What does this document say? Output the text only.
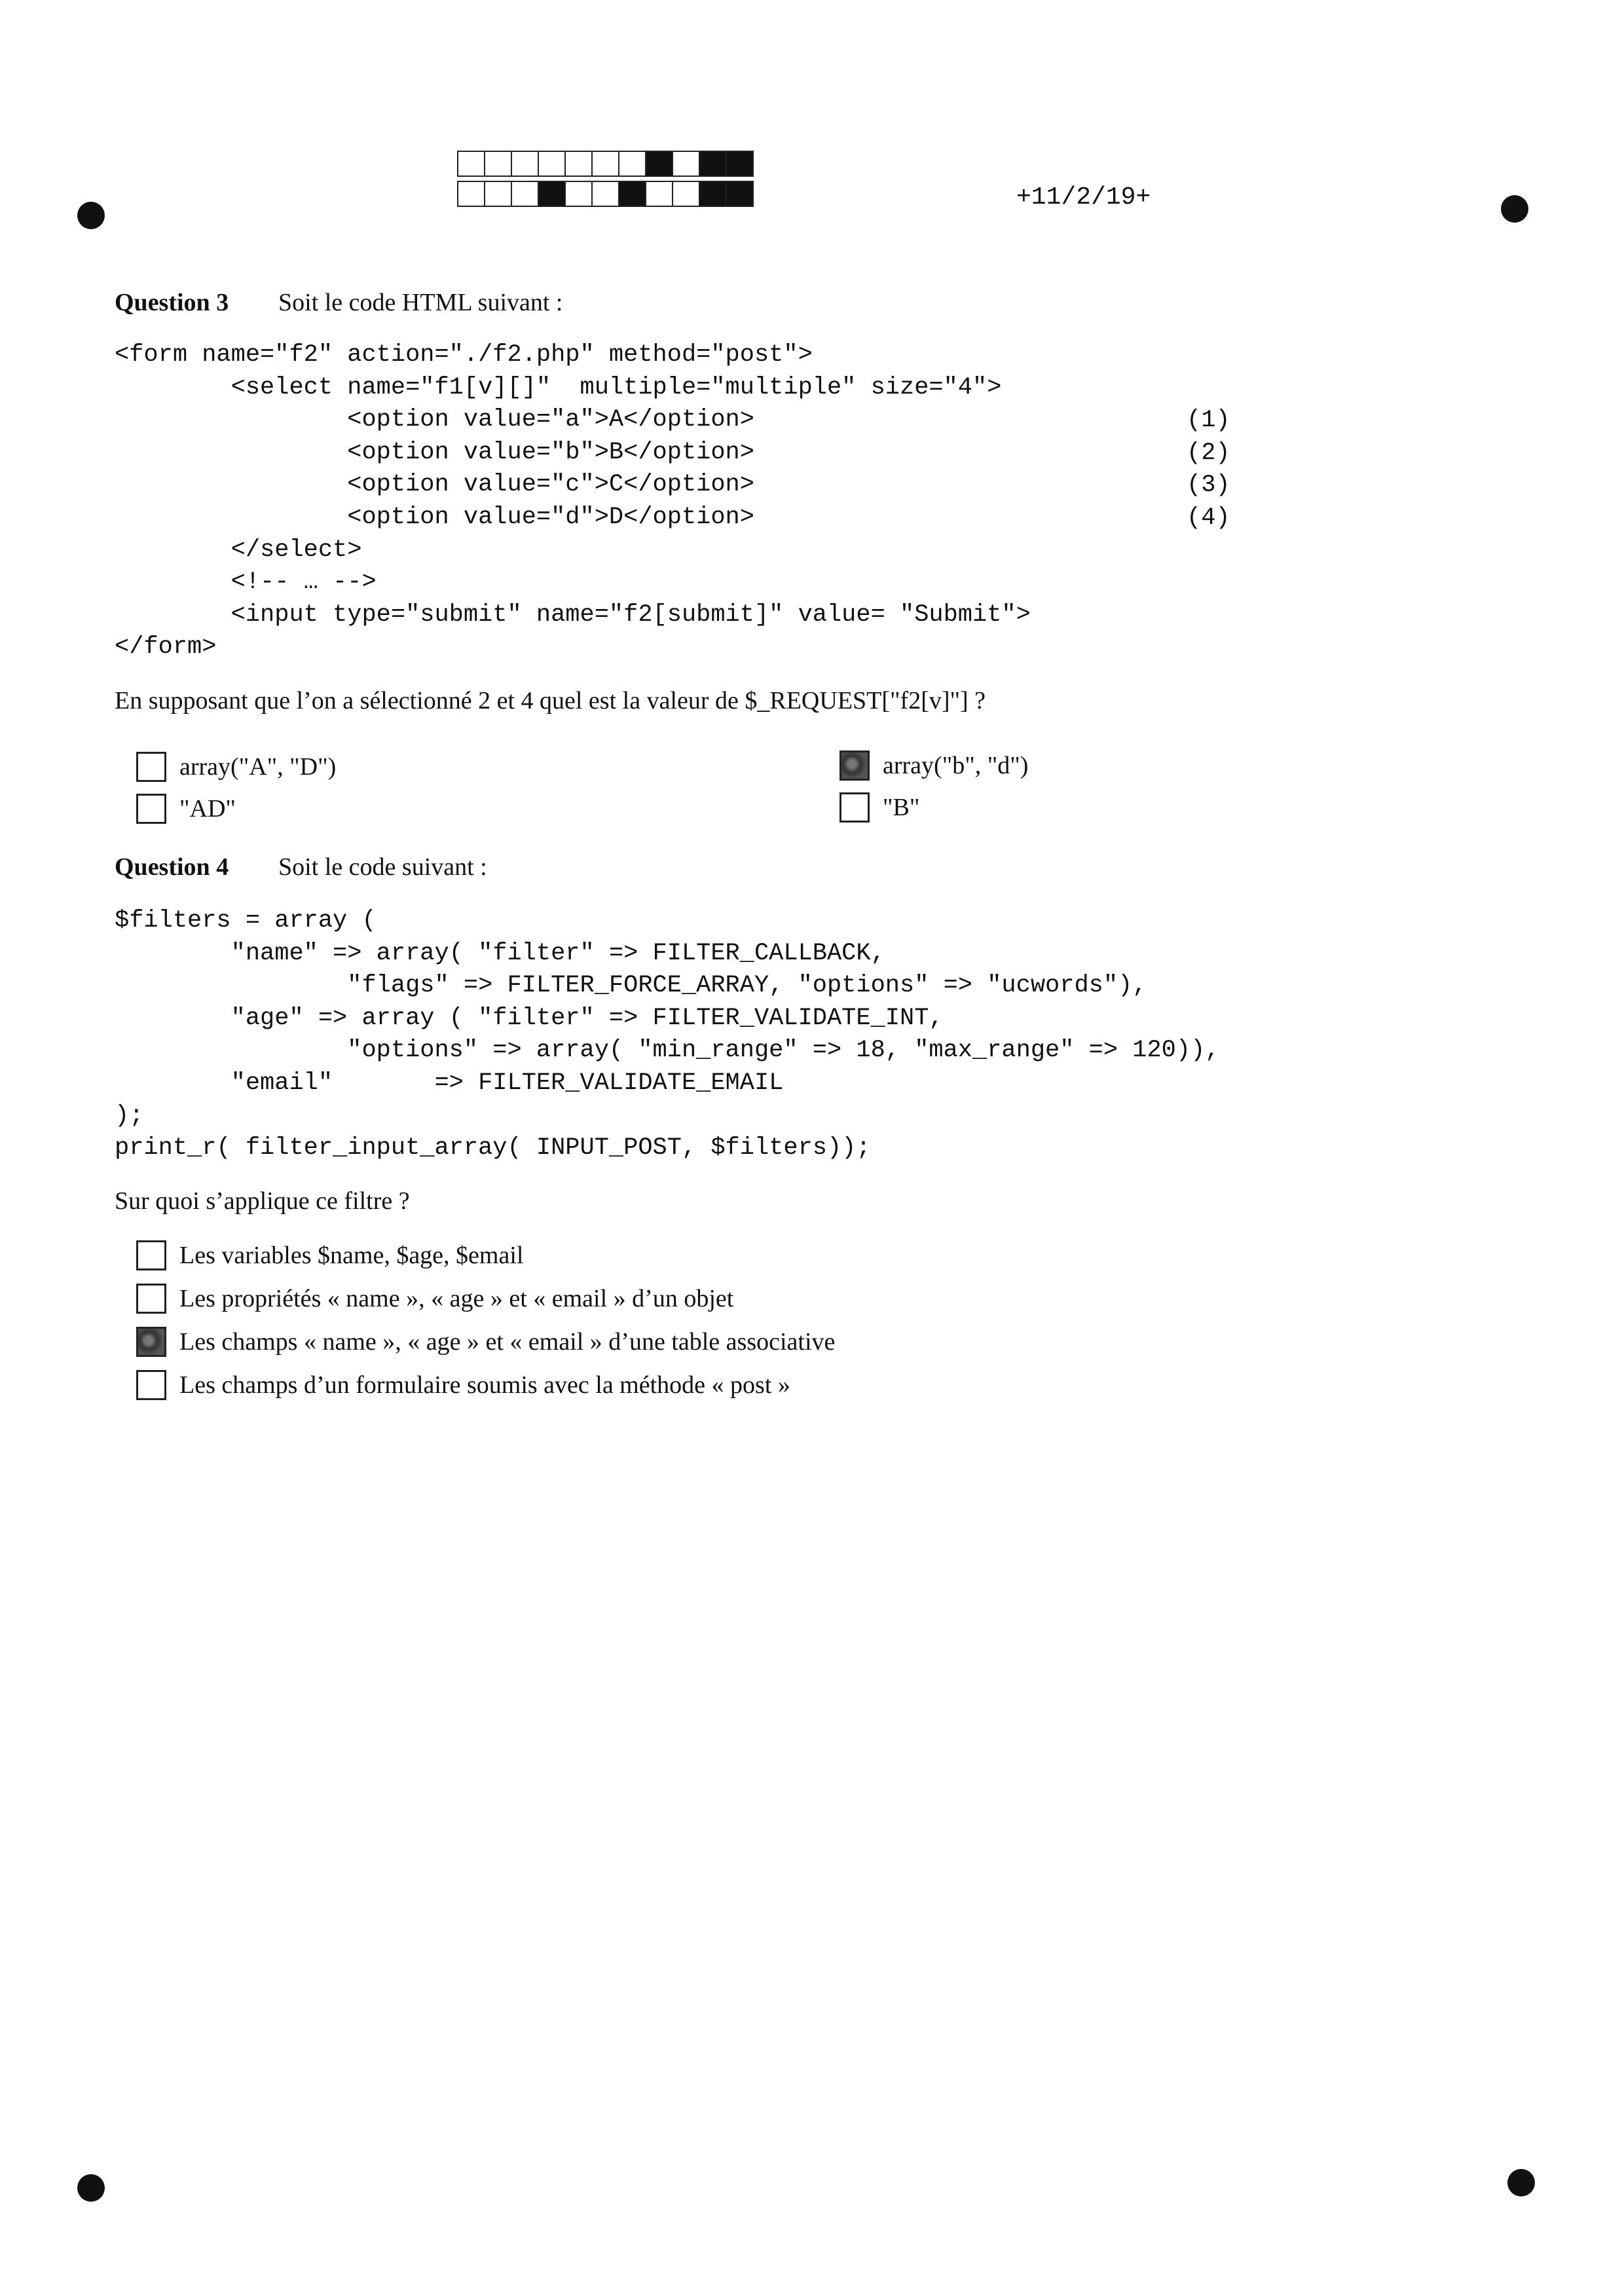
+11/2/19+
Question 3 Soit le code HTML suivant :
<form name="f2" action="./f2.php" method="post">
<select name="f1[v][]"  multiple="multiple" size="4">
<option value="a">A</option>
<option value="b">B</option>
<option value="c">C</option>
<option value="d">D</option>
</select>
<!-- … -->
<input type="submit" name="f2[submit]" value= "Submit">
</form>
(1)
(2)
(3)
(4)
En supposant que l’on a sélectionné 2 et 4 quel est la valeur de $_REQUEST["f2[v]"] ?
array("A", "D")	array("b", "d")
"AD"	"B"
Question 4 Soit le code suivant :
$filters = array (
"name" => array( "filter" => FILTER_CALLBACK,
"flags" => FILTER_FORCE_ARRAY, "options" => "ucwords"),
"age" => array ( "filter" => FILTER_VALIDATE_INT,
"options" => array( "min_range" => 18, "max_range" => 120)),
"email"       => FILTER_VALIDATE_EMAIL
);
print_r( filter_input_array( INPUT_POST, $filters));
Sur quoi s’applique ce filtre ?
Les variables $name, $age, $email
Les propriétés « name », « age » et « email » d’un objet
Les champs « name », « age » et « email » d’une table associative
Les champs d’un formulaire soumis avec la méthode « post »
